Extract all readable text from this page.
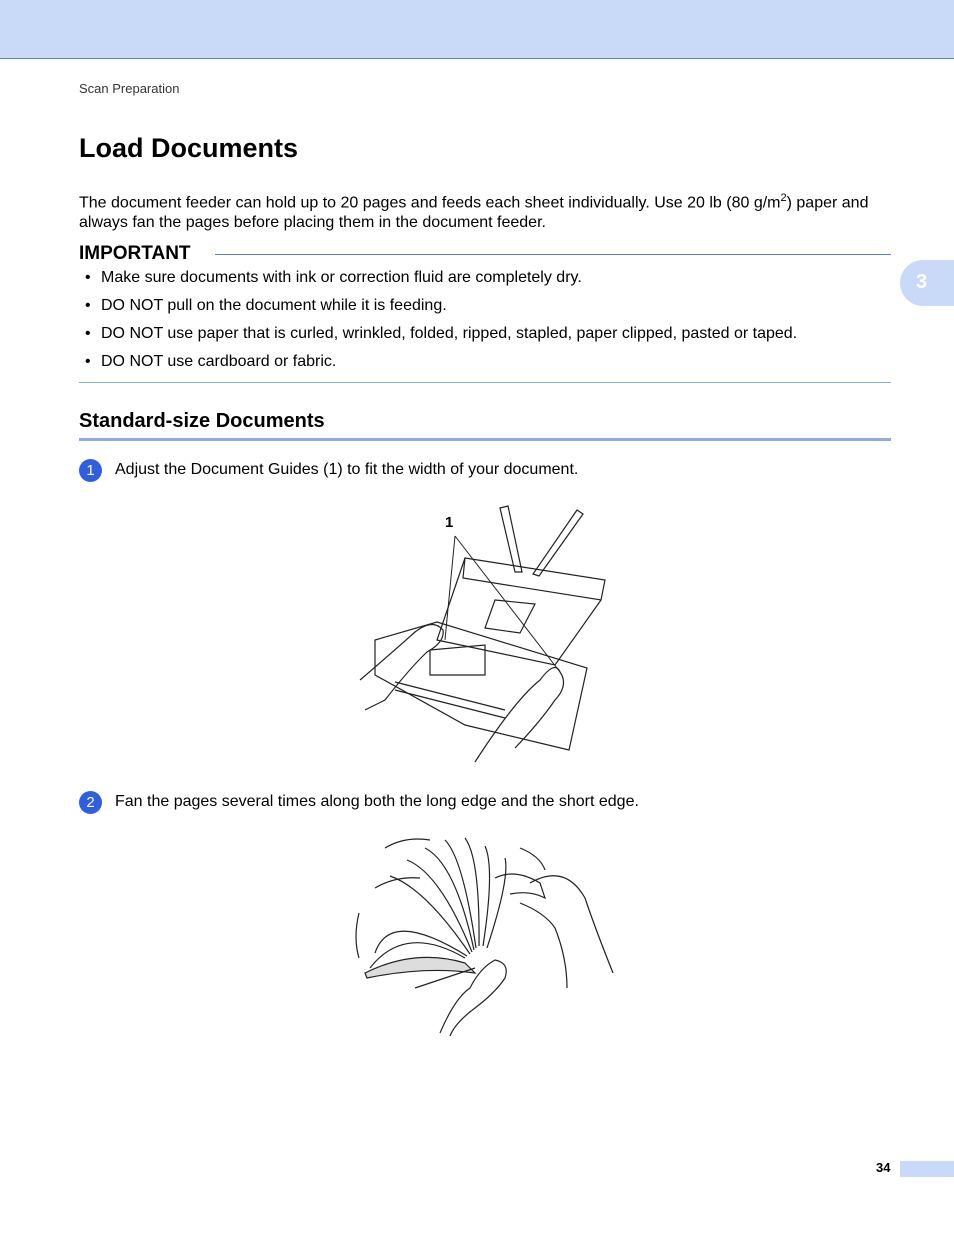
Scan Preparation
3
Load Documents

The document feeder can hold up to 20 pages and feeds each sheet individually. Use 20 lb (80 $g/m^2$) paper and always fan the pages before placing them in the document feeder.

IMPORTANT
• Make sure documents with ink or correction fluid are completely dry.
• DO NOT pull on the document while it is feeding.
• DO NOT use paper that is curled, wrinkled, folded, ripped, stapled, paper clipped, pasted or taped.
• DO NOT use cardboard or fabric.
Standard-size Documents
1	Adjust the Document Guides (1) to fit the width of your document.
1
2	Fan the pages several times along both the long edge and the short edge.
34
